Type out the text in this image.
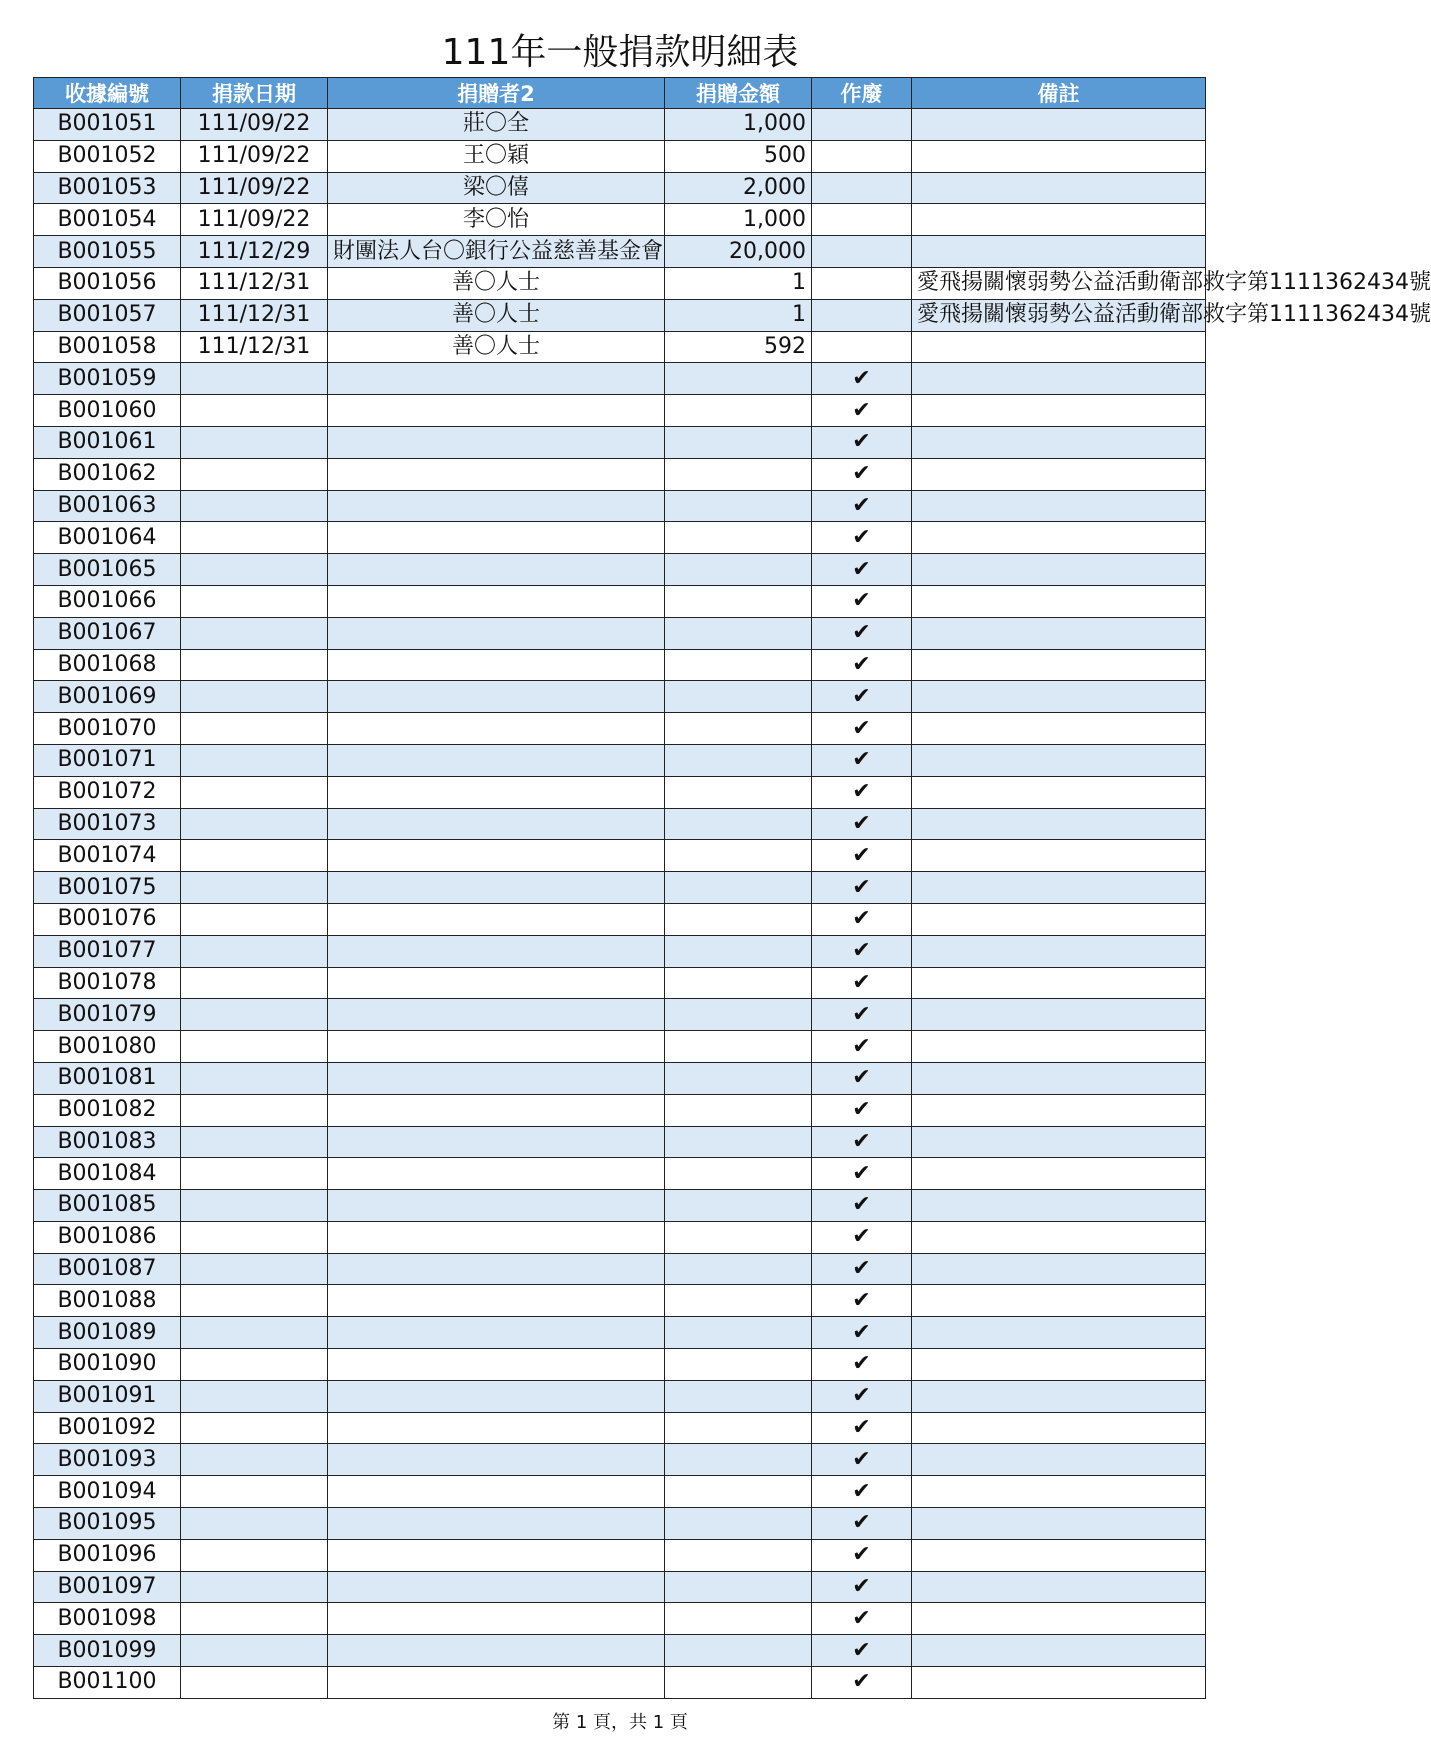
111年一般捐款明細表
收據編號	捐款日期	捐贈者2	捐贈金額	作廢	備註
B001051	111/09/22	莊〇全	1,000		
B001052	111/09/22	王〇穎	500		
B001053	111/09/22	梁〇僖	2,000		
B001054	111/09/22	李〇怡	1,000		
B001055	111/12/29	財團法人台〇銀行公益慈善基金會	20,000		
B001056	111/12/31	善〇人士	1		愛飛揚關懷弱勢公益活動衛部救字第1111362434號
B001057	111/12/31	善〇人士	1		愛飛揚關懷弱勢公益活動衛部救字第1111362434號
B001058	111/12/31	善〇人士	592		
B001059				✔	
B001060				✔	
B001061				✔	
B001062				✔	
B001063				✔	
B001064				✔	
B001065				✔	
B001066				✔	
B001067				✔	
B001068				✔	
B001069				✔	
B001070				✔	
B001071				✔	
B001072				✔	
B001073				✔	
B001074				✔	
B001075				✔	
B001076				✔	
B001077				✔	
B001078				✔	
B001079				✔	
B001080				✔	
B001081				✔	
B001082				✔	
B001083				✔	
B001084				✔	
B001085				✔	
B001086				✔	
B001087				✔	
B001088				✔	
B001089				✔	
B001090				✔	
B001091				✔	
B001092				✔	
B001093				✔	
B001094				✔	
B001095				✔	
B001096				✔	
B001097				✔	
B001098				✔	
B001099				✔	
B001100				✔	
第 1 頁，共 1 頁
